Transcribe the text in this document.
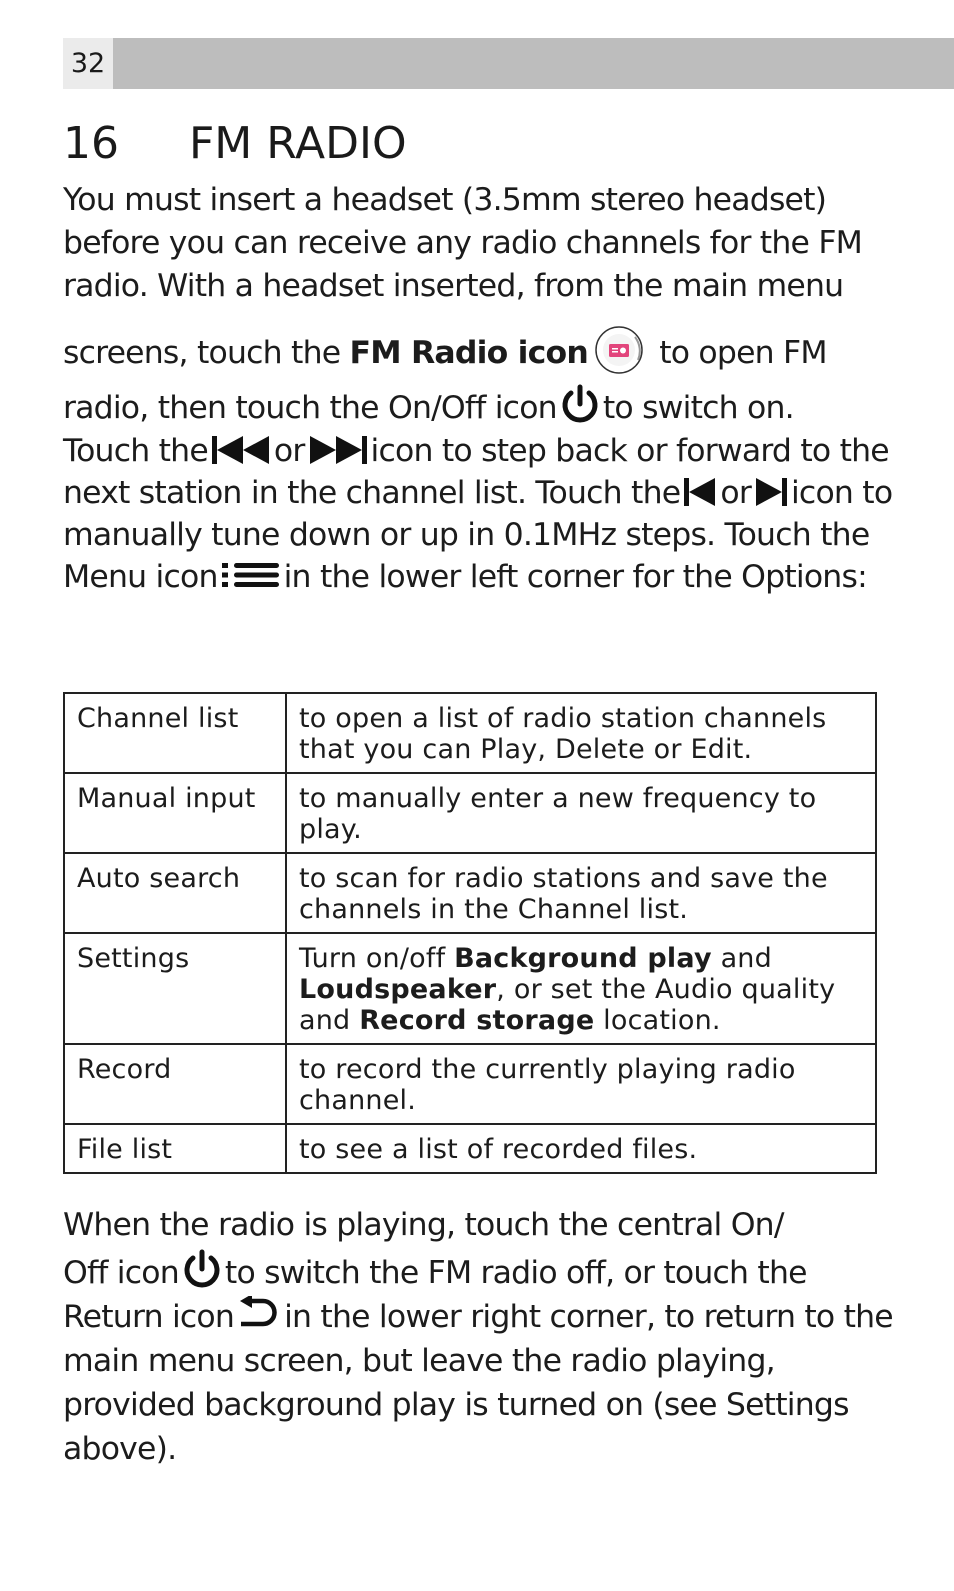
32
16 FM RADIO

You must insert a headset (3.5mm stereo headset) before you can receive any radio channels for the FM radio. With a headset inserted, from the main menu

screens, touch the FM Radio icon
to open FM
radio, then touch the On/Off icon to switch on.
Touch the or icon to step back or forward to the next station in the channel list. Touch the or icon to manually tune down or up in 0.1MHz steps. Touch the Menu icon in the lower left corner for the Options:

Channel list	to open a list of radio station channels that you can Play, Delete or Edit.
Manual input	to manually enter a new frequency to play.
Auto search	to scan for radio stations and save the channels in the Channel list.
Settings	Turn on/off Background play and Loudspeaker, or set the Audio quality and Record storage location.
Record	to record the currently playing radio channel.
File list	to see a list of recorded files.

When the radio is playing, touch the central On/
Off icon to switch the FM radio off, or touch the Return icon in the lower right corner, to return to the main menu screen, but leave the radio playing, provided background play is turned on (see Settings above).
